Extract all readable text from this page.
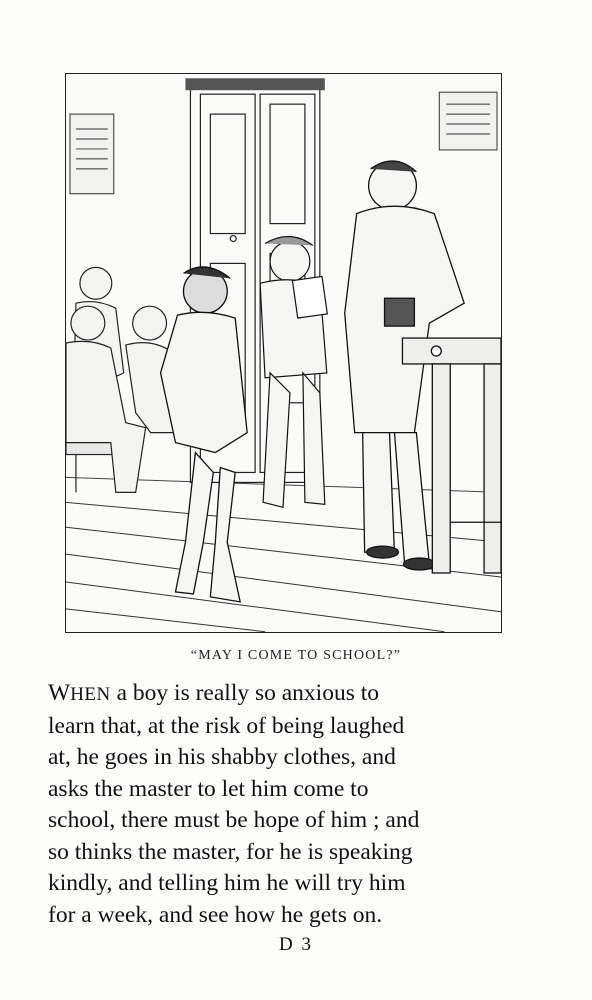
“MAY I COME TO SCHOOL?”
WHEN a boy is really so anxious to
learn that, at the risk of being laughed
at, he goes in his shabby clothes, and
asks the master to let him come to
school, there must be hope of him ; and
so thinks the master, for he is speaking
kindly, and telling him he will try him
for a week, and see how he gets on.
D 3
